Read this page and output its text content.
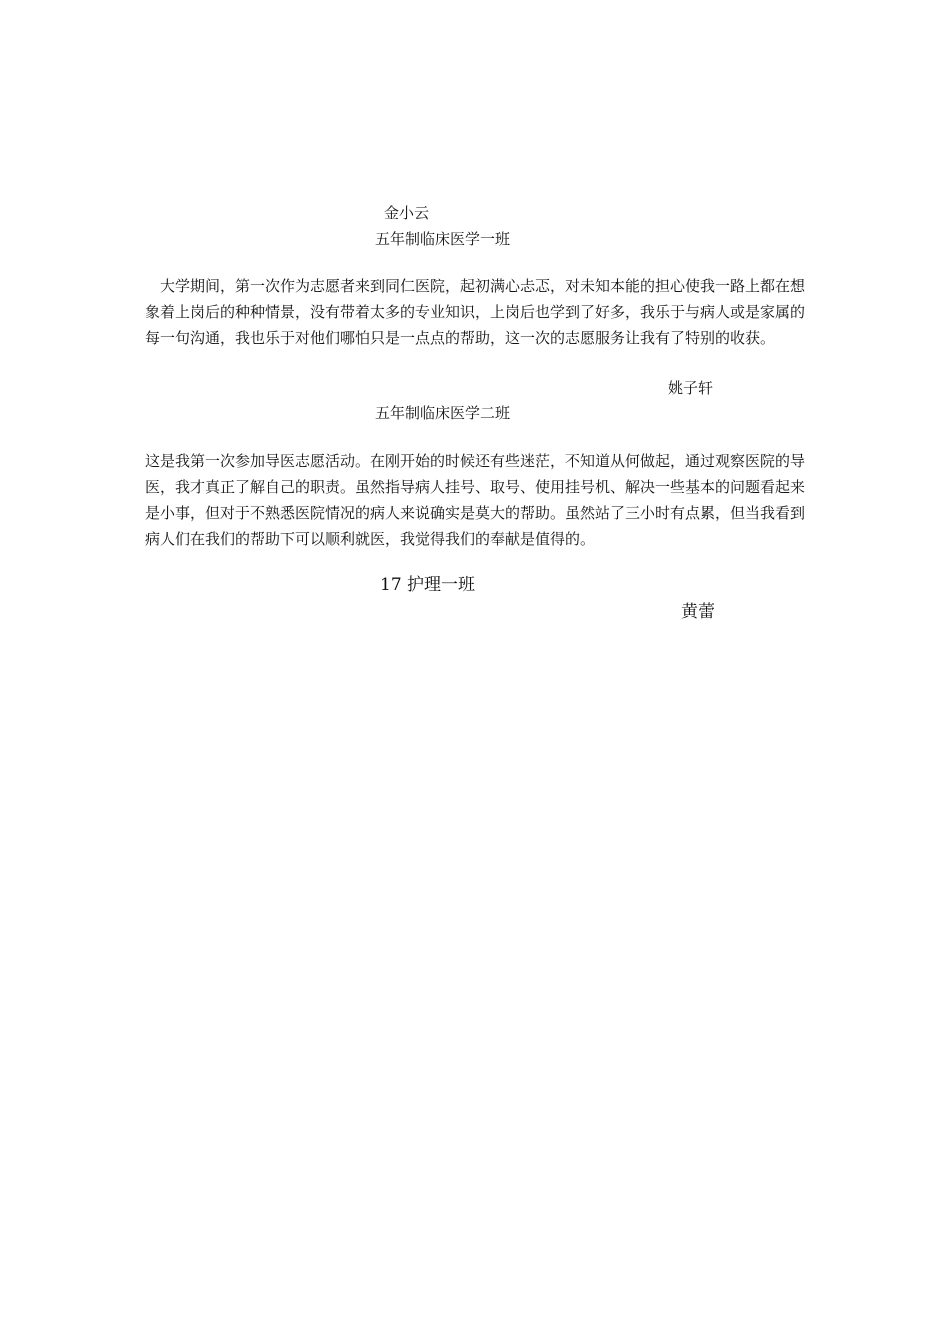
金小云
五年制临床医学一班
大学期间，第一次作为志愿者来到同仁医院，起初满心忐忑，对未知本能的担心使我一路上都在想象着上岗后的种种情景，没有带着太多的专业知识，上岗后也学到了好多，我乐于与病人或是家属的每一句沟通，我也乐于对他们哪怕只是一点点的帮助，这一次的志愿服务让我有了特别的收获。
姚子轩
五年制临床医学二班
这是我第一次参加导医志愿活动。在刚开始的时候还有些迷茫，不知道从何做起，通过观察医院的导医，我才真正了解自己的职责。虽然指导病人挂号、取号、使用挂号机、解决一些基本的问题看起来是小事，但对于不熟悉医院情况的病人来说确实是莫大的帮助。虽然站了三小时有点累，但当我看到病人们在我们的帮助下可以顺利就医，我觉得我们的奉献是值得的。
17 护理一班
黄蕾
